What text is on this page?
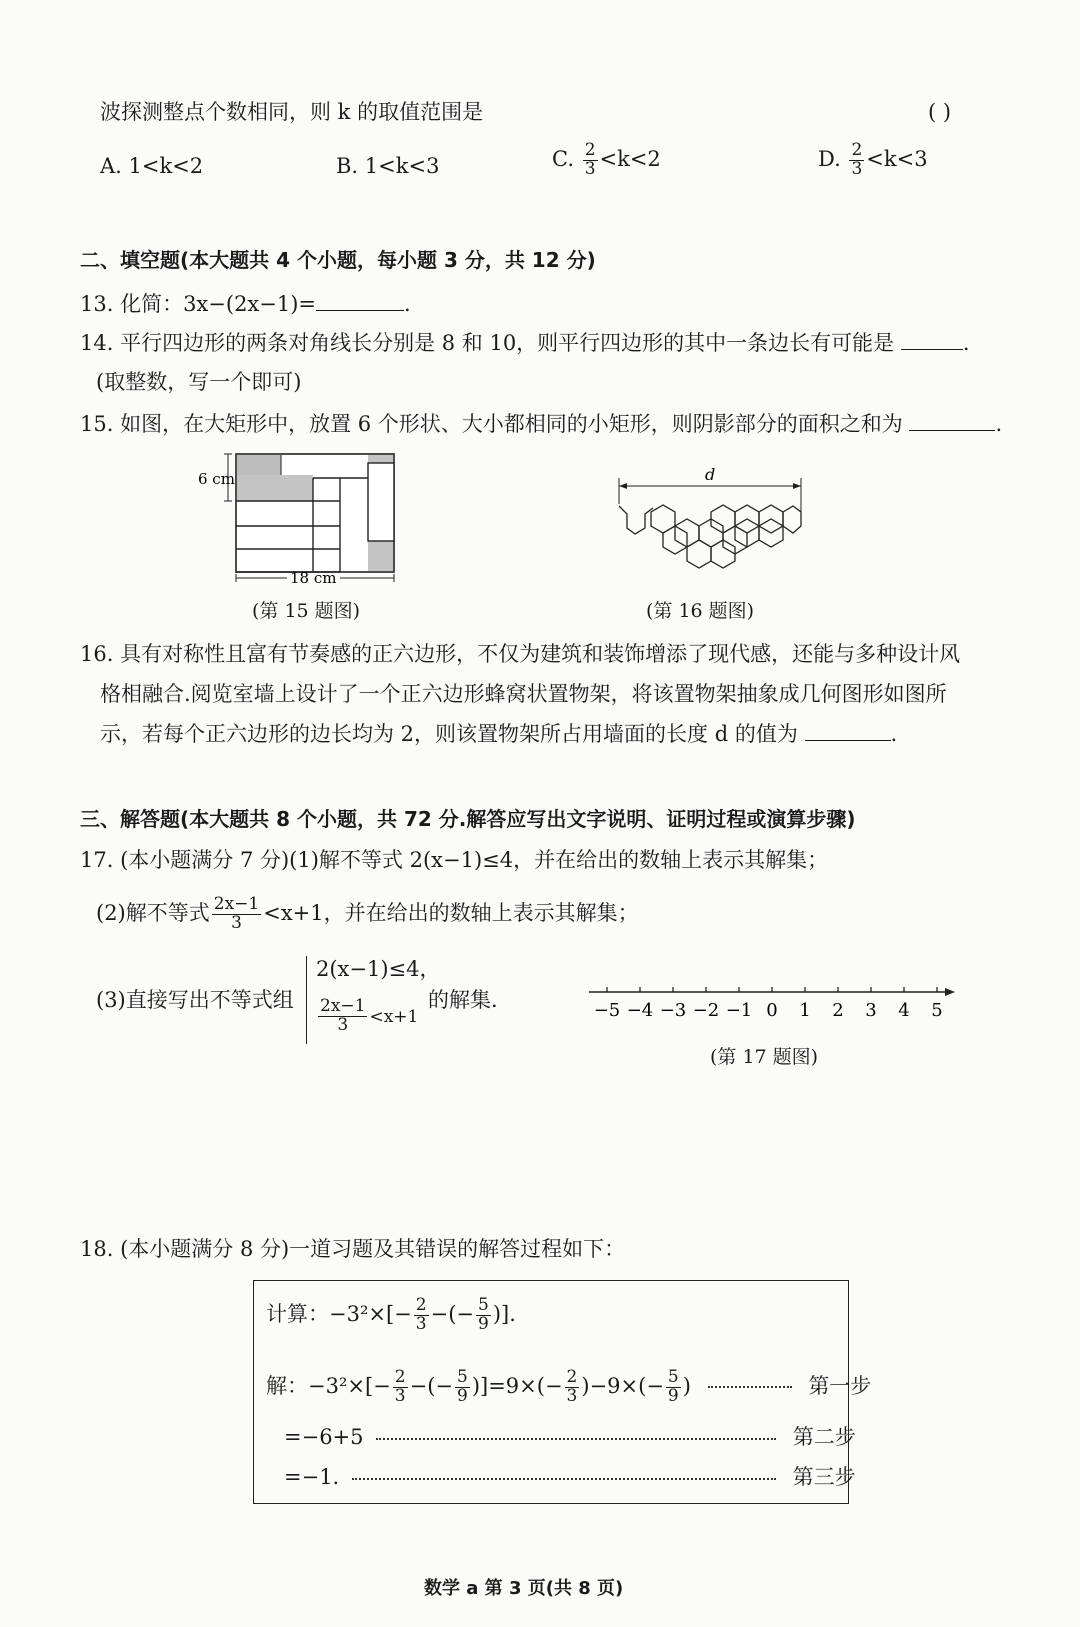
波探测整点个数相同，则 k 的取值范围是	( )
A. 1<k<2	B. 1<k<3	C. $\frac{2}{3} <k<2$	D. $\frac{2}{3} <k<3$
二、填空题(本大题共 4 个小题，每小题 3 分，共 12 分)
13. 化简：3x−(2x−1)=	.
14. 平行四边形的两条对角线长分别是 8 和 10，则平行四边形的其中一条边长有可能是	.
(取整数，写一个即可)
15. 如图，在大矩形中，放置 6 个形状、大小都相同的小矩形，则阴影部分的面积之和为	.
6 cm
18 cm
(第 15 题图)
d
(第 16 题图)
16. 具有对称性且富有节奏感的正六边形，不仅为建筑和装饰增添了现代感，还能与多种设计风
格相融合.阅览室墙上设计了一个正六边形蜂窝状置物架，将该置物架抽象成几何图形如图所
示，若每个正六边形的边长均为 2，则该置物架所占用墙面的长度 d 的值为	.
三、解答题(本大题共 8 个小题，共 72 分.解答应写出文字说明、证明过程或演算步骤)
17. (本小题满分 7 分)(1)解不等式 2(x−1)≤4，并在给出的数轴上表示其解集；
(2)解不等式 $\frac{2x-1}{3} <x+1$，并在给出的数轴上表示其解集；
(3)直接写出不等式组
2(x−1)≤4，
$\frac{2x-1}{3} <x+1$
的解集.	−5 −4 −3 −2 −1 0 1 2 3 4 5
(第 17 题图)
18. (本小题满分 8 分)一道习题及其错误的解答过程如下：
计算：$-3^2\times[- \frac{2}{3}$ −(− $\frac{5}{9}$ )].
解：$-3^2\times[- \frac{2}{3}$ −(− $\frac{5}{9} )]=9\times(- \frac{2}{3} )-9\times(- \frac{5}{9}$ )	第一步
=−6+5	第二步
=−1.	第三步
数学 a 第 3 页(共 8 页)
